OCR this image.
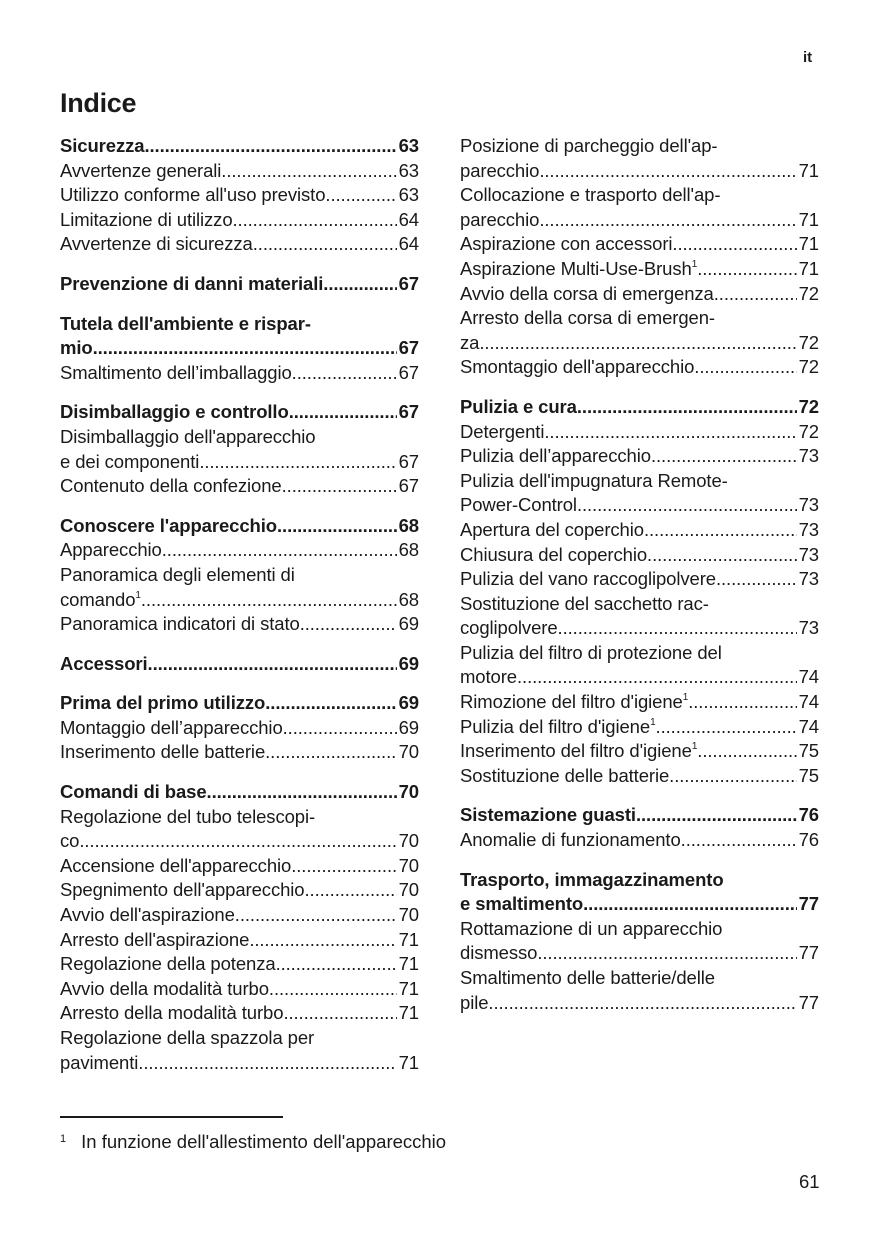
it
Indice
Sicurezza .....	63
Avvertenze generali .....	63
Utilizzo conforme all'uso previsto .....	63
Limitazione di utilizzo .....	64
Avvertenze di sicurezza .....	64
Prevenzione di danni materiali .....	67
Tutela dell'ambiente e rispar-
mio .....	67
Smaltimento dell’imballaggio .....	67
Disimballaggio e controllo .....	67
Disimballaggio dell'apparecchio
e dei componenti .....	67
Contenuto della confezione .....	67
Conoscere l'apparecchio .....	68
Apparecchio .....	68
Panoramica degli elementi di
comando$^1$ .....	68
Panoramica indicatori di stato .....	69
Accessori .....	69
Prima del primo utilizzo .....	69
Montaggio dell’apparecchio .....	69
Inserimento delle batterie .....	70
Comandi di base .....	70
Regolazione del tubo telescopi-
co .....	70
Accensione dell'apparecchio .....	70
Spegnimento dell'apparecchio .....	70
Avvio dell'aspirazione .....	70
Arresto dell'aspirazione .....	71
Regolazione della potenza .....	71
Avvio della modalità turbo .....	71
Arresto della modalità turbo .....	71
Regolazione della spazzola per
pavimenti .....	71
Posizione di parcheggio dell'ap-
parecchio .....	71
Collocazione e trasporto dell'ap-
parecchio .....	71
Aspirazione con accessori .....	71
Aspirazione Multi-Use-Brush$^1$ .....	71
Avvio della corsa di emergenza .....	72
Arresto della corsa di emergen-
za .....	72
Smontaggio dell'apparecchio .....	72
Pulizia e cura .....	72
Detergenti .....	72
Pulizia dell’apparecchio .....	73
Pulizia dell'impugnatura Remote-
Power-Control .....	73
Apertura del coperchio .....	73
Chiusura del coperchio .....	73
Pulizia del vano raccoglipolvere .....	73
Sostituzione del sacchetto rac-
coglipolvere .....	73
Pulizia del filtro di protezione del
motore .....	74
Rimozione del filtro d'igiene$^1$ .....	74
Pulizia del filtro d'igiene$^1$ .....	74
Inserimento del filtro d'igiene$^1$ .....	75
Sostituzione delle batterie .....	75
Sistemazione guasti .....	76
Anomalie di funzionamento .....	76
Trasporto, immagazzinamento
e smaltimento .....	77
Rottamazione di un apparecchio
dismesso .....	77
Smaltimento delle batterie/delle
pile .....	77
$^1$ In funzione dell'allestimento dell'apparecchio
61
